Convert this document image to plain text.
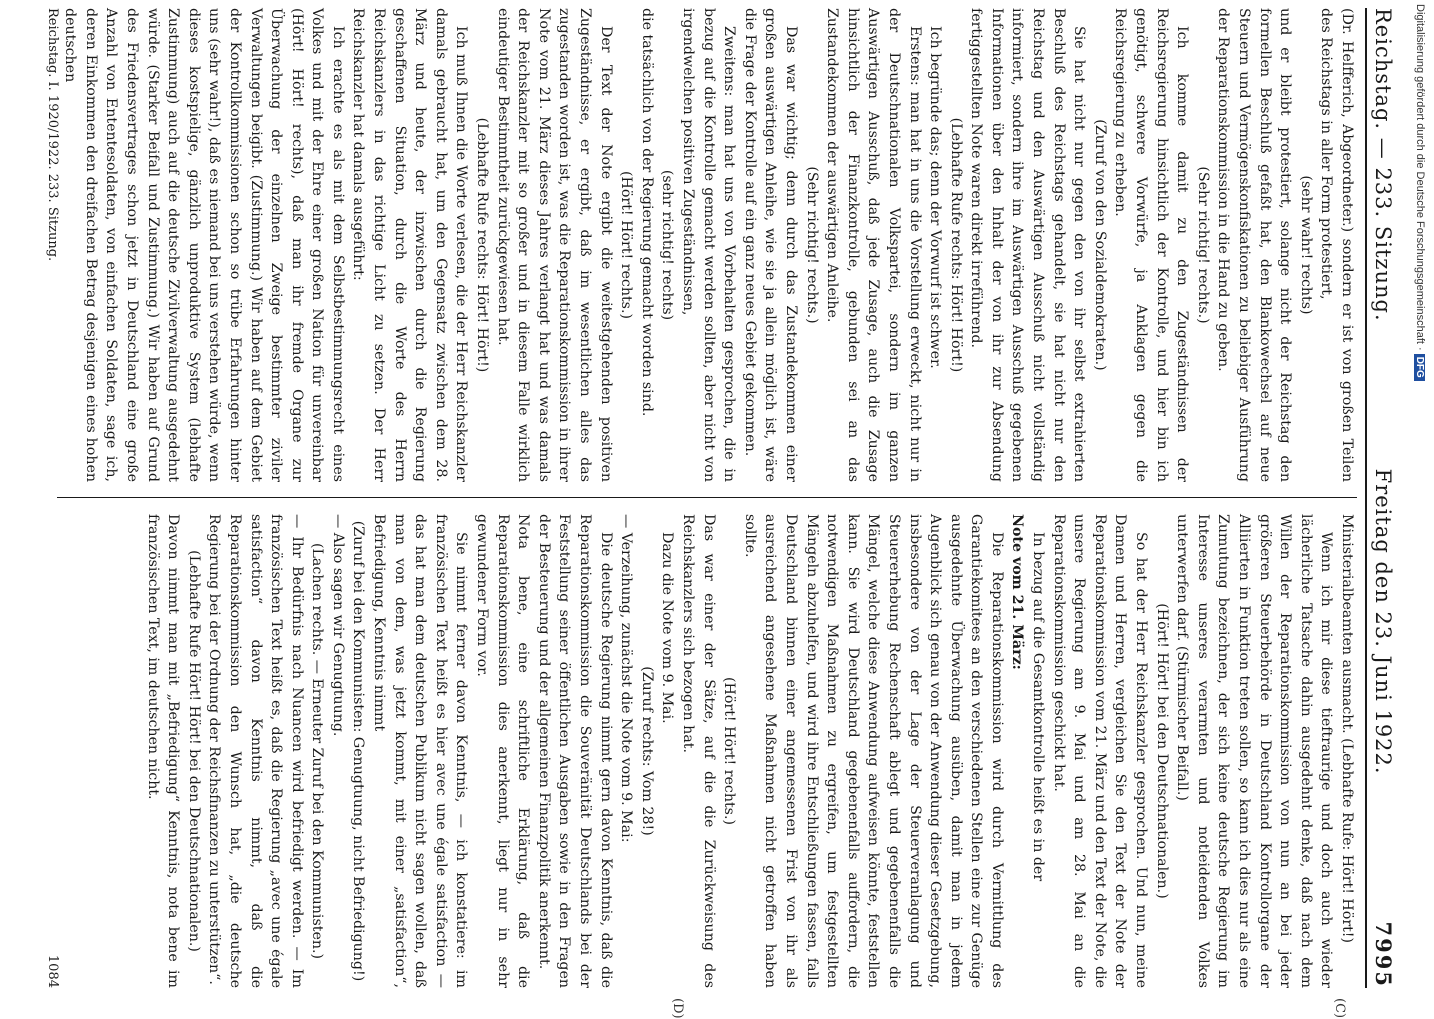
Reichstag. — 233. Sitzung.
Freitag den 23. Juni 1922.
7995

(Dr. Helfferich, Abgeordneter.) sondern er ist von großen Teilen des Reichstags in aller Form protestiert,

(sehr wahr! rechts)

und er bleibt protestiert, solange nicht der Reichstag den formellen Beschluß gefaßt hat, den Blankowechsel auf neue Steuern und Vermögenskonfiskationen zu beliebiger Ausführung der Reparationskommission in die Hand zu geben.

(Sehr richtig! rechts.)

Ich komme damit zu den Zugeständnissen der Reichsregierung hinsichtlich der Kontrolle, und hier bin ich genötigt, schwere Vorwürfe, ja Anklagen gegen die Reichsregierung zu erheben.

(Zuruf von den Sozialdemokraten.)

Sie hat nicht nur gegen den von ihr selbst extrahierten Beschluß des Reichstags gehandelt, sie hat nicht nur den Reichstag und den Auswärtigen Ausschuß nicht vollständig informiert, sondern ihre im Auswärtigen Ausschuß gegebenen Informationen über den Inhalt der von ihr zur Absendung fertiggestellten Note waren direkt irreführend.

(Lebhafte Rufe rechts: Hört! Hört!)

Ich begründe das; denn der Vorwurf ist schwer.

Erstens: man hat in uns die Vorstellung erweckt, nicht nur in der Deutschnationalen Volkspartei, sondern im ganzen Auswärtigen Ausschuß, daß jede Zusage, auch die Zusage hinsichtlich der Finanzkontrolle, gebunden sei an das Zustandekommen der auswärtigen Anleihe.

(Sehr richtig! rechts.)

Das war wichtig; denn durch das Zustandekommen einer großen auswärtigen Anleihe, wie sie ja allein möglich ist, wäre die Frage der Kontrolle auf ein ganz neues Gebiet gekommen.

Zweitens: man hat uns von Vorbehalten gesprochen, die in bezug auf die Kontrolle gemacht werden sollten, aber nicht von irgendwelchen positiven Zugeständnissen,

(sehr richtig! rechts)

die tatsächlich von der Regierung gemacht worden sind.

(Hört! Hört! rechts.)

Der Text der Note ergibt die weitestgehenden positiven Zugeständnisse, er ergibt, daß im wesentlichen alles das zugestanden worden ist, was die Reparationskommission in ihrer Note vom 21. März dieses Jahres verlangt hat und was damals der Reichskanzler mit so großer und in diesem Falle wirklich eindeutiger Bestimmtheit zurückgewiesen hat.

(Lebhafte Rufe rechts: Hört! Hört!)

Ich muß Ihnen die Worte verlesen, die der Herr Reichskanzler damals gebraucht hat, um den Gegensatz zwischen dem 28. März und heute, der inzwischen durch die Regierung geschaffenen Situation, durch die Worte des Herrn Reichskanzlers in das richtige Licht zu setzen. Der Herr Reichskanzler hat damals ausgeführt:

Ich erachte es als mit dem Selbstbestimmungsrecht eines Volkes und mit der Ehre einer großen Nation für unvereinbar (Hört! Hört! rechts), daß man ihr fremde Organe zur Überwachung der einzelnen Zweige bestimmter ziviler Verwaltungen beigibt. (Zustimmung.) Wir haben auf dem Gebiet der Kontrollkommissionen schon so trübe Erfahrungen hinter uns (sehr wahr!), daß es niemand bei uns verstehen würde, wenn dieses kostspielige, gänzlich unproduktive System (lebhafte Zustimmung) auch auf die deutsche Zivilverwaltung ausgedehnt würde. (Starker Beifall und Zustimmung.) Wir haben auf Grund des Friedensvertrages schon jetzt in Deutschland eine große Anzahl von Ententesoldaten, von einfachen Soldaten, sage ich, deren Einkommen den dreifachen Betrag desjenigen eines hohen deutschen

Ministerialbeamten ausmacht. (Lebhafte Rufe: Hört! Hört!)

Wenn ich mir diese tieftraurige und doch auch wieder lächerliche Tatsache dahin ausgedehnt denke, daß nach dem Willen der Reparationskommission von nun an bei jeder größeren Steuerbehörde in Deutschland Kontrollorgane der Alliierten in Funktion treten sollen, so kann ich dies nur als eine Zumutung bezeichnen, der sich keine deutsche Regierung im Interesse unseres verarmten und notleidenden Volkes unterwerfen darf. (Stürmischer Beifall.)

(Hört! Hört! bei den Deutschnationalen.)

So hat der Herr Reichskanzler gesprochen. Und nun, meine Damen und Herren, vergleichen Sie den Text der Note der Reparationskommission vom 21. März und den Text der Note, die unsere Regierung am 9. Mai und am 28. Mai an die Reparationskommission geschickt hat.

In bezug auf die Gesamtkontrolle heißt es in der

Note vom 21. März:

Die Reparationskommission wird durch Vermittlung des Garantiekomitees an den verschiedenen Stellen eine zur Genüge ausgedehnte Überwachung ausüben, damit man in jedem Augenblick sich genau von der Anwendung dieser Gesetzgebung, insbesondere von der Lage der Steuerveranlagung und Steuererhebung Rechenschaft ablegt und gegebenenfalls die Mängel, welche diese Anwendung aufweisen könnte, feststellen kann. Sie wird Deutschland gegebenenfalls auffordern, die notwendigen Maßnahmen zu ergreifen, um festgestellten Mängeln abzuhelfen, und wird ihre Entschließungen fassen, falls Deutschland binnen einer angemessenen Frist von ihr als ausreichend angesehene Maßnahmen nicht getroffen haben sollte.

(Hört! Hört! rechts.)

Das war einer der Sätze, auf die die Zurückweisung des Reichskanzlers sich bezogen hat.

Dazu die Note vom 9. Mai.

(Zuruf rechts: Vom 28!)

— Verzeihung, zunächst die Note vom 9. Mai:

Die deutsche Regierung nimmt gern davon Kenntnis, daß die Reparationskommission die Souveränität Deutschlands bei der Feststellung seiner öffentlichen Ausgaben sowie in den Fragen der Besteuerung und der allgemeinen Finanzpolitik anerkennt.

Nota bene, eine schriftliche Erklärung, daß die Reparationskommission dies anerkennt, liegt nur in sehr gewundener Form vor.

Sie nimmt ferner davon Kenntnis, — ich konstatiere: im französischen Text heißt es hier avec une égale satisfaction — das hat man dem deutschen Publikum nicht sagen wollen, daß man von dem, was jetzt kommt, mit einer „satisfaction“, Befriedigung, Kenntnis nimmt

(Zuruf bei den Kommunisten: Genugtuung, nicht Befriedigung!)

— Also sagen wir Genugtuung.

(Lachen rechts. — Erneuter Zuruf bei den Kommunisten.)

— Ihr Bedürfnis nach Nuancen wird befriedigt werden. — Im französischen Text heißt es, daß die Regierung „avec une égale satisfaction“ davon Kenntnis nimmt, daß die Reparationskommission den Wunsch hat, „die deutsche Regierung bei der Ordnung der Reichsfinanzen zu unterstützen“.

(Lebhafte Rufe Hört! Hört! bei den Deutschnationalen.)

Davon nimmt man mit „Befriedigung“ Kenntnis, nota bene im französischen Text, im deutschen nicht.

(C)
(D)
Reichstag. I. 1920/1922. 233. Sitzung.
1084
Digitalisierung gefördert durch die Deutsche Forschungsgemeinschaft ·DFG
